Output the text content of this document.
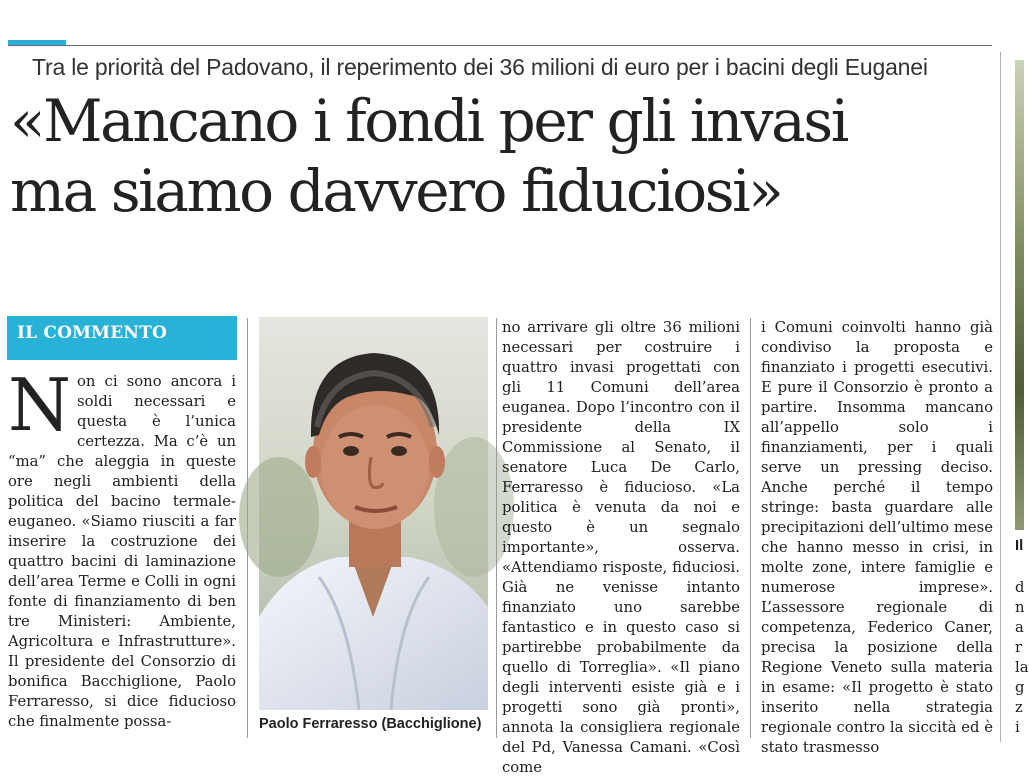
Tra le priorità del Padovano, il reperimento dei 36 milioni di euro per i bacini degli Euganei
«Mancano i fondi per gli invasi
ma siamo davvero fiduciosi»
IL COMMENTO
N on ci sono ancora i soldi necessari e questa è l’unica certezza. Ma c’è un “ma” che aleggia in queste ore negli ambienti della politica del bacino termale-euganeo. «Siamo riusciti a far inserire la costruzione dei quattro bacini di laminazione dell’area Terme e Colli in ogni fonte di finanziamento di ben tre Ministeri: Ambiente, Agricoltura e Infrastrutture». Il presidente del Consorzio di bonifica Bacchiglione, Paolo Ferraresso, si dice fiducioso che finalmente possa-	Paolo Ferraresso (Bacchiglione)

no arrivare gli oltre 36 milioni necessari per costruire i quattro invasi progettati con gli 11 Comuni dell’area euganea. Dopo l’incontro con il presidente della IX Commissione al Senato, il senatore Luca De Carlo, Ferraresso è fiducioso. «La politica è venuta da noi e questo è un segnalo importante», osserva. «Attendiamo risposte, fiduciosi. Già ne venisse intanto finanziato uno sarebbe fantastico e in questo caso si partirebbe probabilmente da quello di Torreglia». «Il piano degli interventi esiste già e i progetti sono già pronti», annota la consigliera regionale del Pd, Vanessa Camani. «Così come

i Comuni coinvolti hanno già condiviso la proposta e finanziato i progetti esecutivi. E pure il Consorzio è pronto a partire. Insomma mancano all’appello solo i finanziamenti, per i quali serve un pressing deciso. Anche perché il tempo stringe: basta guardare alle precipitazioni dell’ultimo mese che hanno messo in crisi, in molte zone, intere famiglie e numerose imprese». L’assessore regionale di competenza, Federico Caner, precisa la posizione della Regione Veneto sulla materia in esame: «Il progetto è stato inserito nella strategia regionale contro la siccità ed è stato trasmesso

Il
d
n
a
r
la
g
z
i
